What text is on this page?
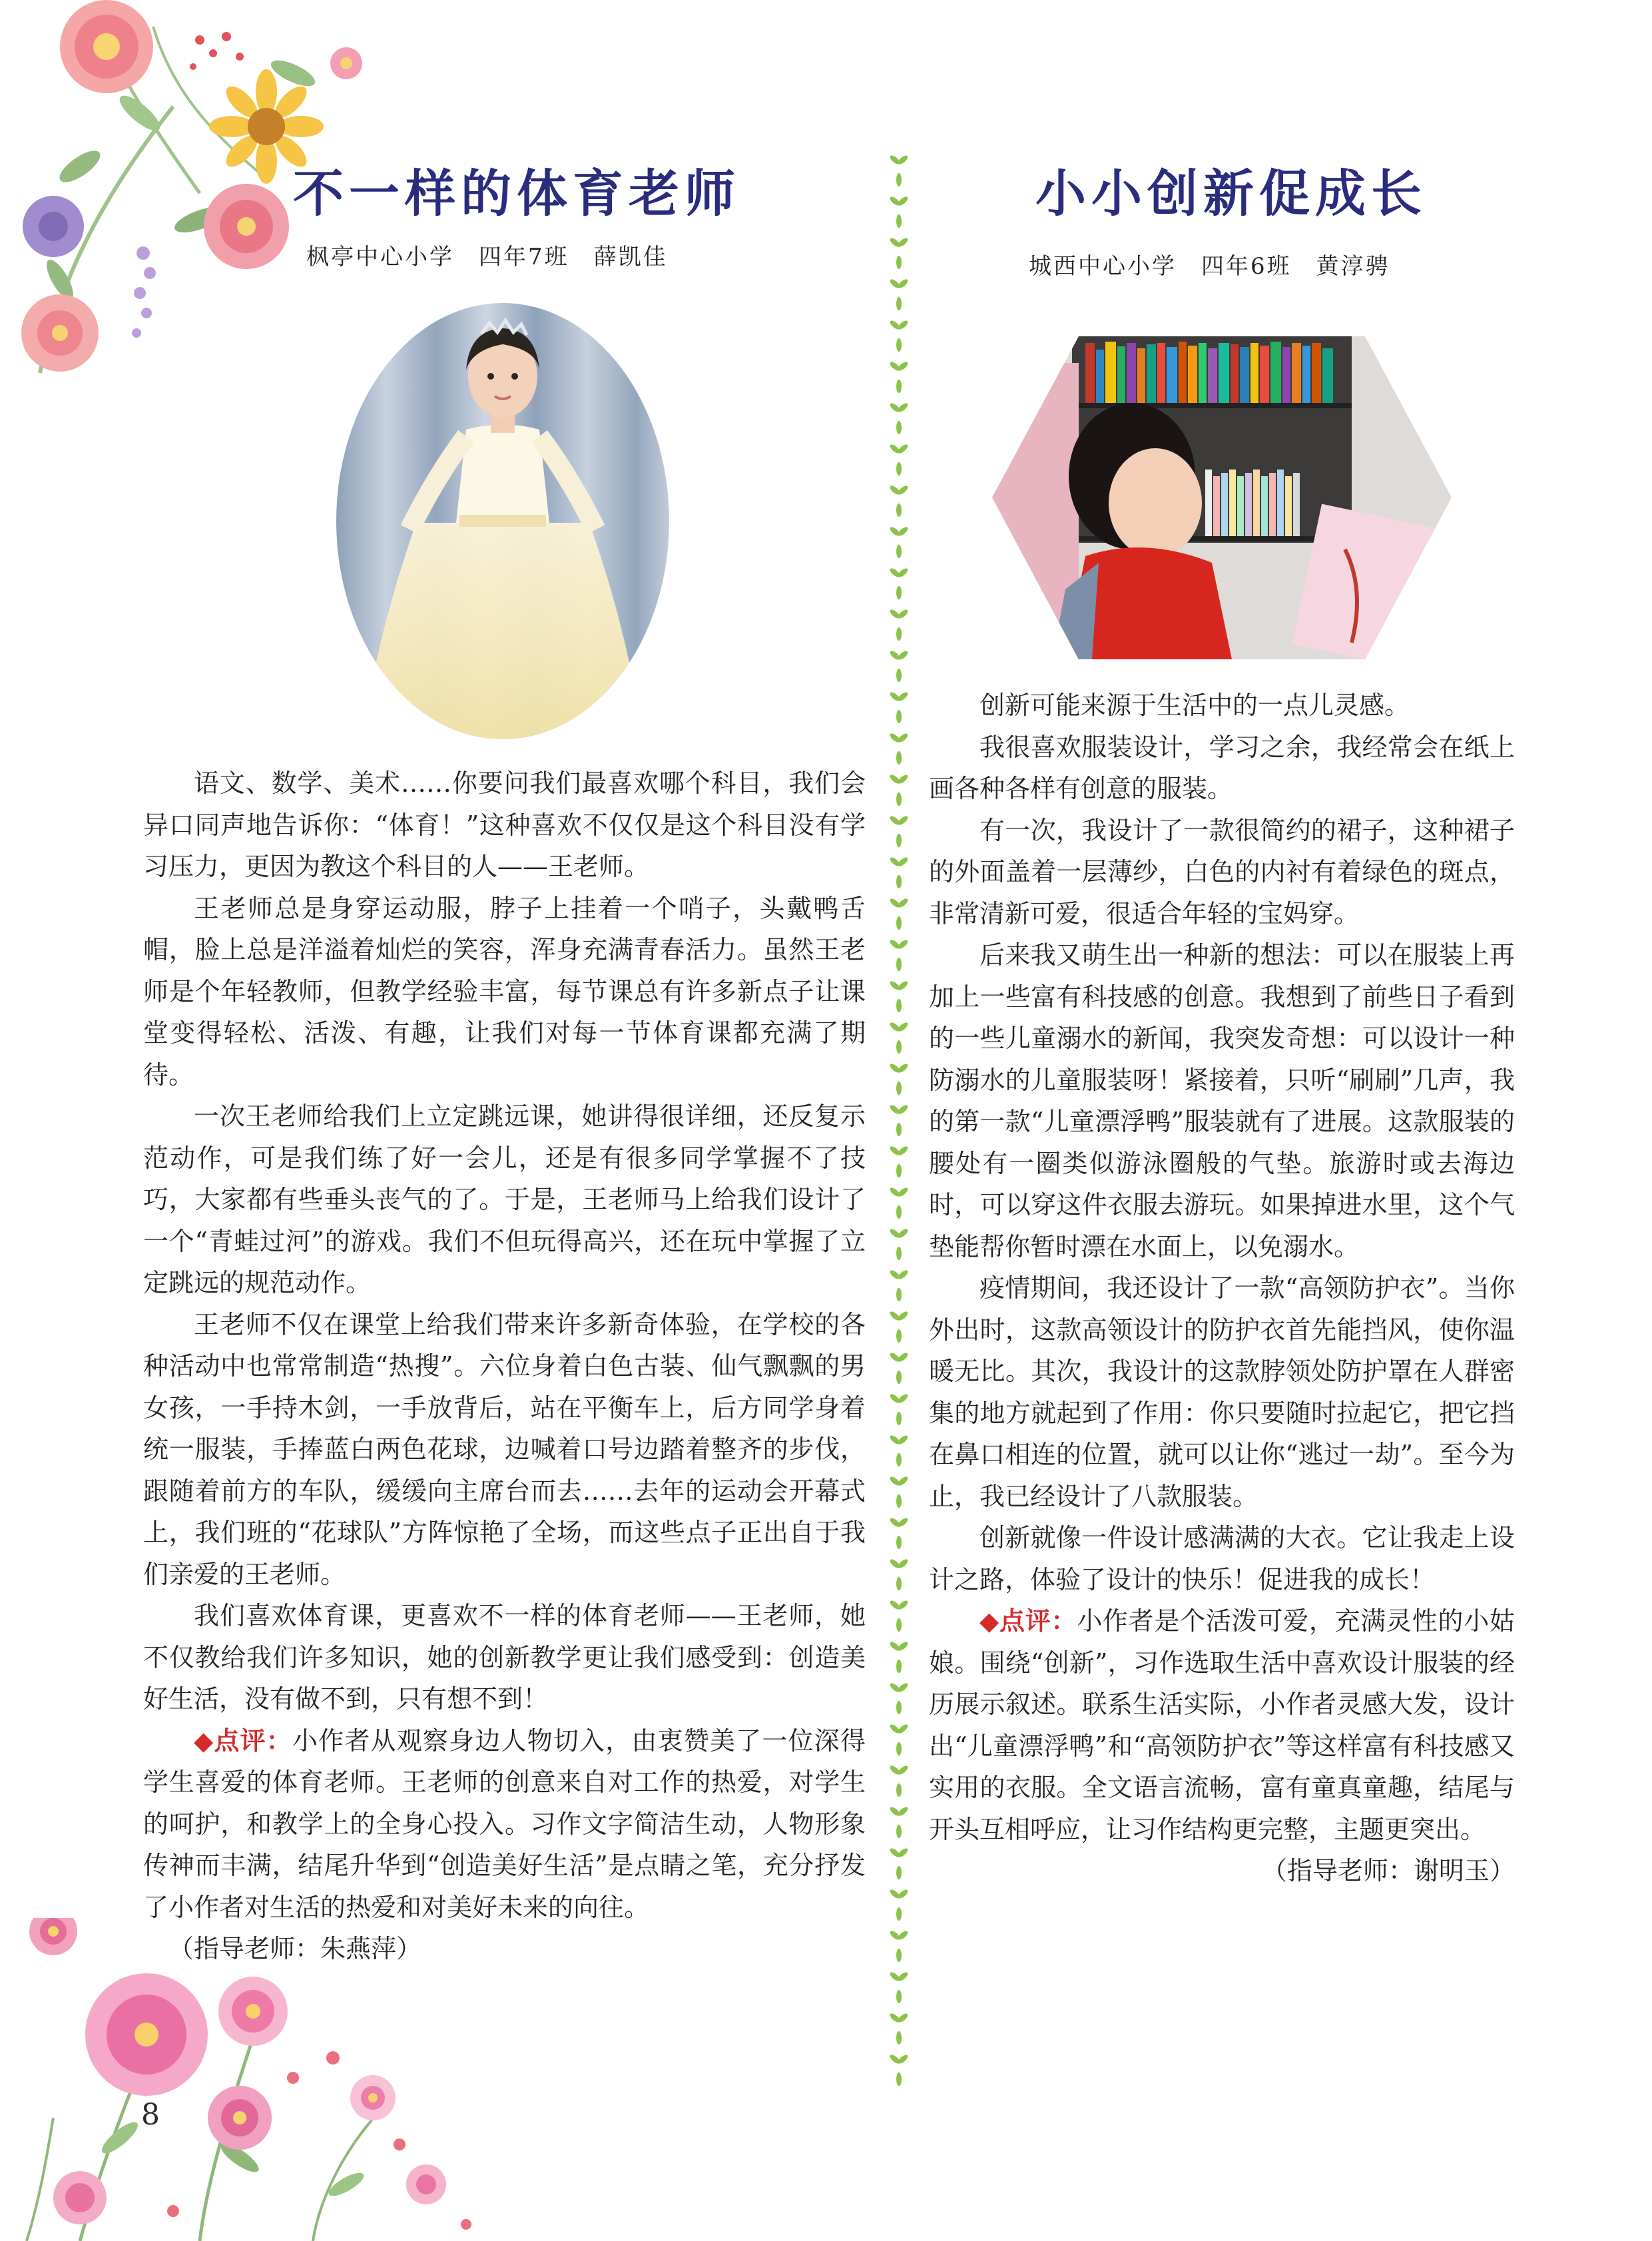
不一样的体育老师
枫亭中心小学　四年7班　薛凯佳

语文、数学、美术……你要问我们最喜欢哪个科目，我们会异口同声地告诉你：“体育！”这种喜欢不仅仅是这个科目没有学习压力，更因为教这个科目的人——王老师。

王老师总是身穿运动服，脖子上挂着一个哨子，头戴鸭舌帽，脸上总是洋溢着灿烂的笑容，浑身充满青春活力。虽然王老师是个年轻教师，但教学经验丰富，每节课总有许多新点子让课堂变得轻松、活泼、有趣，让我们对每一节体育课都充满了期待。

一次王老师给我们上立定跳远课，她讲得很详细，还反复示范动作，可是我们练了好一会儿，还是有很多同学掌握不了技巧，大家都有些垂头丧气的了。于是，王老师马上给我们设计了一个“青蛙过河”的游戏。我们不但玩得高兴，还在玩中掌握了立定跳远的规范动作。

王老师不仅在课堂上给我们带来许多新奇体验，在学校的各种活动中也常常制造“热搜”。六位身着白色古装、仙气飘飘的男女孩，一手持木剑，一手放背后，站在平衡车上，后方同学身着统一服装，手捧蓝白两色花球，边喊着口号边踏着整齐的步伐，跟随着前方的车队，缓缓向主席台而去……去年的运动会开幕式上，我们班的“花球队”方阵惊艳了全场，而这些点子正出自于我们亲爱的王老师。

我们喜欢体育课，更喜欢不一样的体育老师——王老师，她不仅教给我们许多知识，她的创新教学更让我们感受到：创造美好生活，没有做不到，只有想不到！

◆点评：小作者从观察身边人物切入，由衷赞美了一位深得学生喜爱的体育老师。王老师的创意来自对工作的热爱，对学生的呵护，和教学上的全身心投入。习作文字简洁生动，人物形象传神而丰满，结尾升华到“创造美好生活”是点睛之笔，充分抒发了小作者对生活的热爱和对美好未来的向往。

（指导老师：朱燕萍）

小小创新促成长
城西中心小学　四年6班　黄淳骋

创新可能来源于生活中的一点儿灵感。

我很喜欢服装设计，学习之余，我经常会在纸上画各种各样有创意的服装。

有一次，我设计了一款很简约的裙子，这种裙子的外面盖着一层薄纱，白色的内衬有着绿色的斑点，非常清新可爱，很适合年轻的宝妈穿。

后来我又萌生出一种新的想法：可以在服装上再加上一些富有科技感的创意。我想到了前些日子看到的一些儿童溺水的新闻，我突发奇想：可以设计一种防溺水的儿童服装呀！紧接着，只听“刷刷”几声，我的第一款“儿童漂浮鸭”服装就有了进展。这款服装的腰处有一圈类似游泳圈般的气垫。旅游时或去海边时，可以穿这件衣服去游玩。如果掉进水里，这个气垫能帮你暂时漂在水面上，以免溺水。

疫情期间，我还设计了一款“高领防护衣”。当你外出时，这款高领设计的防护衣首先能挡风，使你温暖无比。其次，我设计的这款脖领处防护罩在人群密集的地方就起到了作用：你只要随时拉起它，把它挡在鼻口相连的位置，就可以让你“逃过一劫”。至今为止，我已经设计了八款服装。

创新就像一件设计感满满的大衣。它让我走上设计之路，体验了设计的快乐！促进我的成长！

◆点评：小作者是个活泼可爱，充满灵性的小姑娘。围绕“创新”，习作选取生活中喜欢设计服装的经历展示叙述。联系生活实际，小作者灵感大发，设计出“儿童漂浮鸭”和“高领防护衣”等这样富有科技感又实用的衣服。全文语言流畅，富有童真童趣，结尾与开头互相呼应，让习作结构更完整，主题更突出。

（指导老师：谢明玉）

8
